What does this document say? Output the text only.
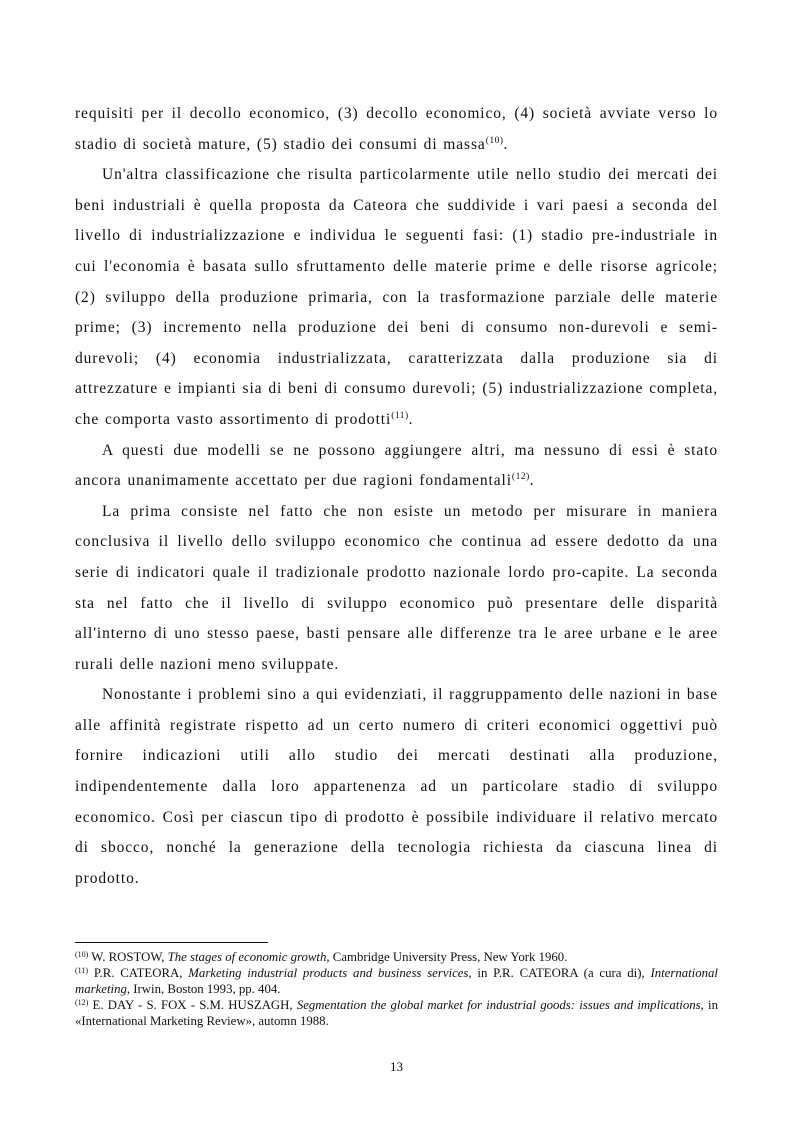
requisiti per il decollo economico, (3) decollo economico, (4) società avviate verso lo stadio di società mature, (5) stadio dei consumi di massa$^{(10)}$.

Un'altra classificazione che risulta particolarmente utile nello studio dei mercati dei beni industriali è quella proposta da Cateora che suddivide i vari paesi a seconda del livello di industrializzazione e individua le seguenti fasi: (1) stadio pre-industriale in cui l'economia è basata sullo sfruttamento delle materie prime e delle risorse agricole; (2) sviluppo della produzione primaria, con la trasformazione parziale delle materie prime; (3) incremento nella produzione dei beni di consumo non-durevoli e semi-durevoli; (4) economia industrializzata, caratterizzata dalla produzione sia di attrezzature e impianti sia di beni di consumo durevoli; (5) industrializzazione completa, che comporta vasto assortimento di prodotti$^{(11)}$.

A questi due modelli se ne possono aggiungere altri, ma nessuno di essi è stato ancora unanimamente accettato per due ragioni fondamentali$^{(12)}$.

La prima consiste nel fatto che non esiste un metodo per misurare in maniera conclusiva il livello dello sviluppo economico che continua ad essere dedotto da una serie di indicatori quale il tradizionale prodotto nazionale lordo pro-capite. La seconda sta nel fatto che il livello di sviluppo economico può presentare delle disparità all'interno di uno stesso paese, basti pensare alle differenze tra le aree urbane e le aree rurali delle nazioni meno sviluppate.

Nonostante i problemi sino a qui evidenziati, il raggruppamento delle nazioni in base alle affinità registrate rispetto ad un certo numero di criteri economici oggettivi può fornire indicazioni utili allo studio dei mercati destinati alla produzione, indipendentemente dalla loro appartenenza ad un particolare stadio di sviluppo economico. Così per ciascun tipo di prodotto è possibile individuare il relativo mercato di sbocco, nonché la generazione della tecnologia richiesta da ciascuna linea di prodotto.

$^{(10)}$ W. ROSTOW, The stages of economic growth, Cambridge University Press, New York 1960.

$^{(11)}$ P.R. CATEORA, Marketing industrial products and business services, in P.R. CATEORA (a cura di), International marketing, Irwin, Boston 1993, pp. 404.

$^{(12)}$ E. DAY - S. FOX - S.M. HUSZAGH, Segmentation the global market for industrial goods: issues and implications, in «International Marketing Review», automn 1988.

13
